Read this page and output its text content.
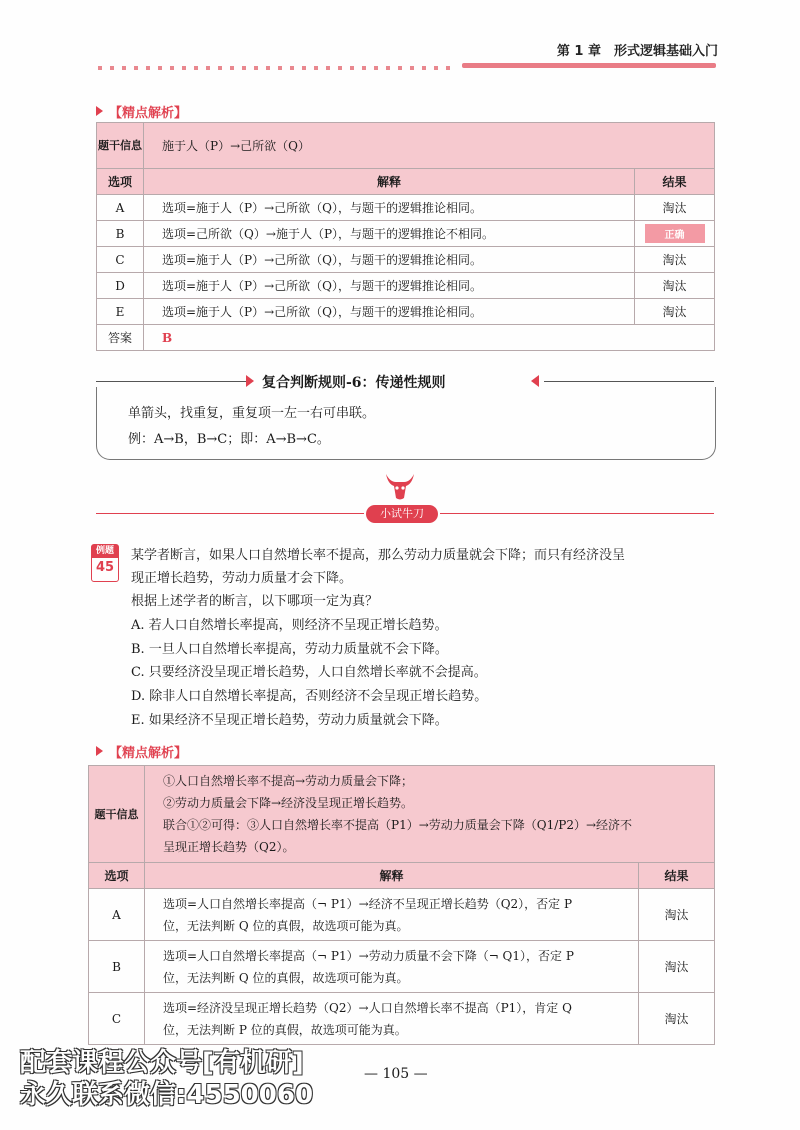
第 1 章　形式逻辑基础入门
【精点解析】
题干信息	施于人（P）→己所欲（Q）	
选项	解释	结果
A	选项=施于人（P）→己所欲（Q），与题干的逻辑推论相同。	淘汰
B	选项=己所欲（Q）→施于人（P），与题干的逻辑推论不相同。	正确
C	选项=施于人（P）→己所欲（Q），与题干的逻辑推论相同。	淘汰
D	选项=施于人（P）→己所欲（Q），与题干的逻辑推论相同。	淘汰
E	选项=施于人（P）→己所欲（Q），与题干的逻辑推论相同。	淘汰
答案	B	
复合判断规则-6：传递性规则
单箭头，找重复，重复项一左一右可串联。
例：A→B，B→C；即：A→B→C。
小试牛刀
例题
45
某学者断言，如果人口自然增长率不提高，那么劳动力质量就会下降；而只有经济没呈
现正增长趋势，劳动力质量才会下降。
根据上述学者的断言，以下哪项一定为真？
A. 若人口自然增长率提高，则经济不呈现正增长趋势。
B. 一旦人口自然增长率提高，劳动力质量就不会下降。
C. 只要经济没呈现正增长趋势，人口自然增长率就不会提高。
D. 除非人口自然增长率提高，否则经济不会呈现正增长趋势。
E. 如果经济不呈现正增长趋势，劳动力质量就会下降。
【精点解析】
题干信息	①人口自然增长率不提高→劳动力质量会下降；
②劳动力质量会下降→经济没呈现正增长趋势。
联合①②可得：③人口自然增长率不提高（P1）→劳动力质量会下降（Q1/P2）→经济不
呈现正增长趋势（Q2）。	

选项	解释	结果
A	选项=人口自然增长率提高（¬ P1）→经济不呈现正增长趋势（Q2），否定 P
位，无法判断 Q 位的真假，故选项可能为真。	淘汰
B	选项=人口自然增长率提高（¬ P1）→劳动力质量不会下降（¬ Q1），否定 P
位，无法判断 Q 位的真假，故选项可能为真。	淘汰
C	选项=经济没呈现正增长趋势（Q2）→人口自然增长率不提高（P1），肯定 Q
位，无法判断 P 位的真假，故选项可能为真。	淘汰
— 105 —
配套课程公众号[有机研]
永久联系微信:4550060
